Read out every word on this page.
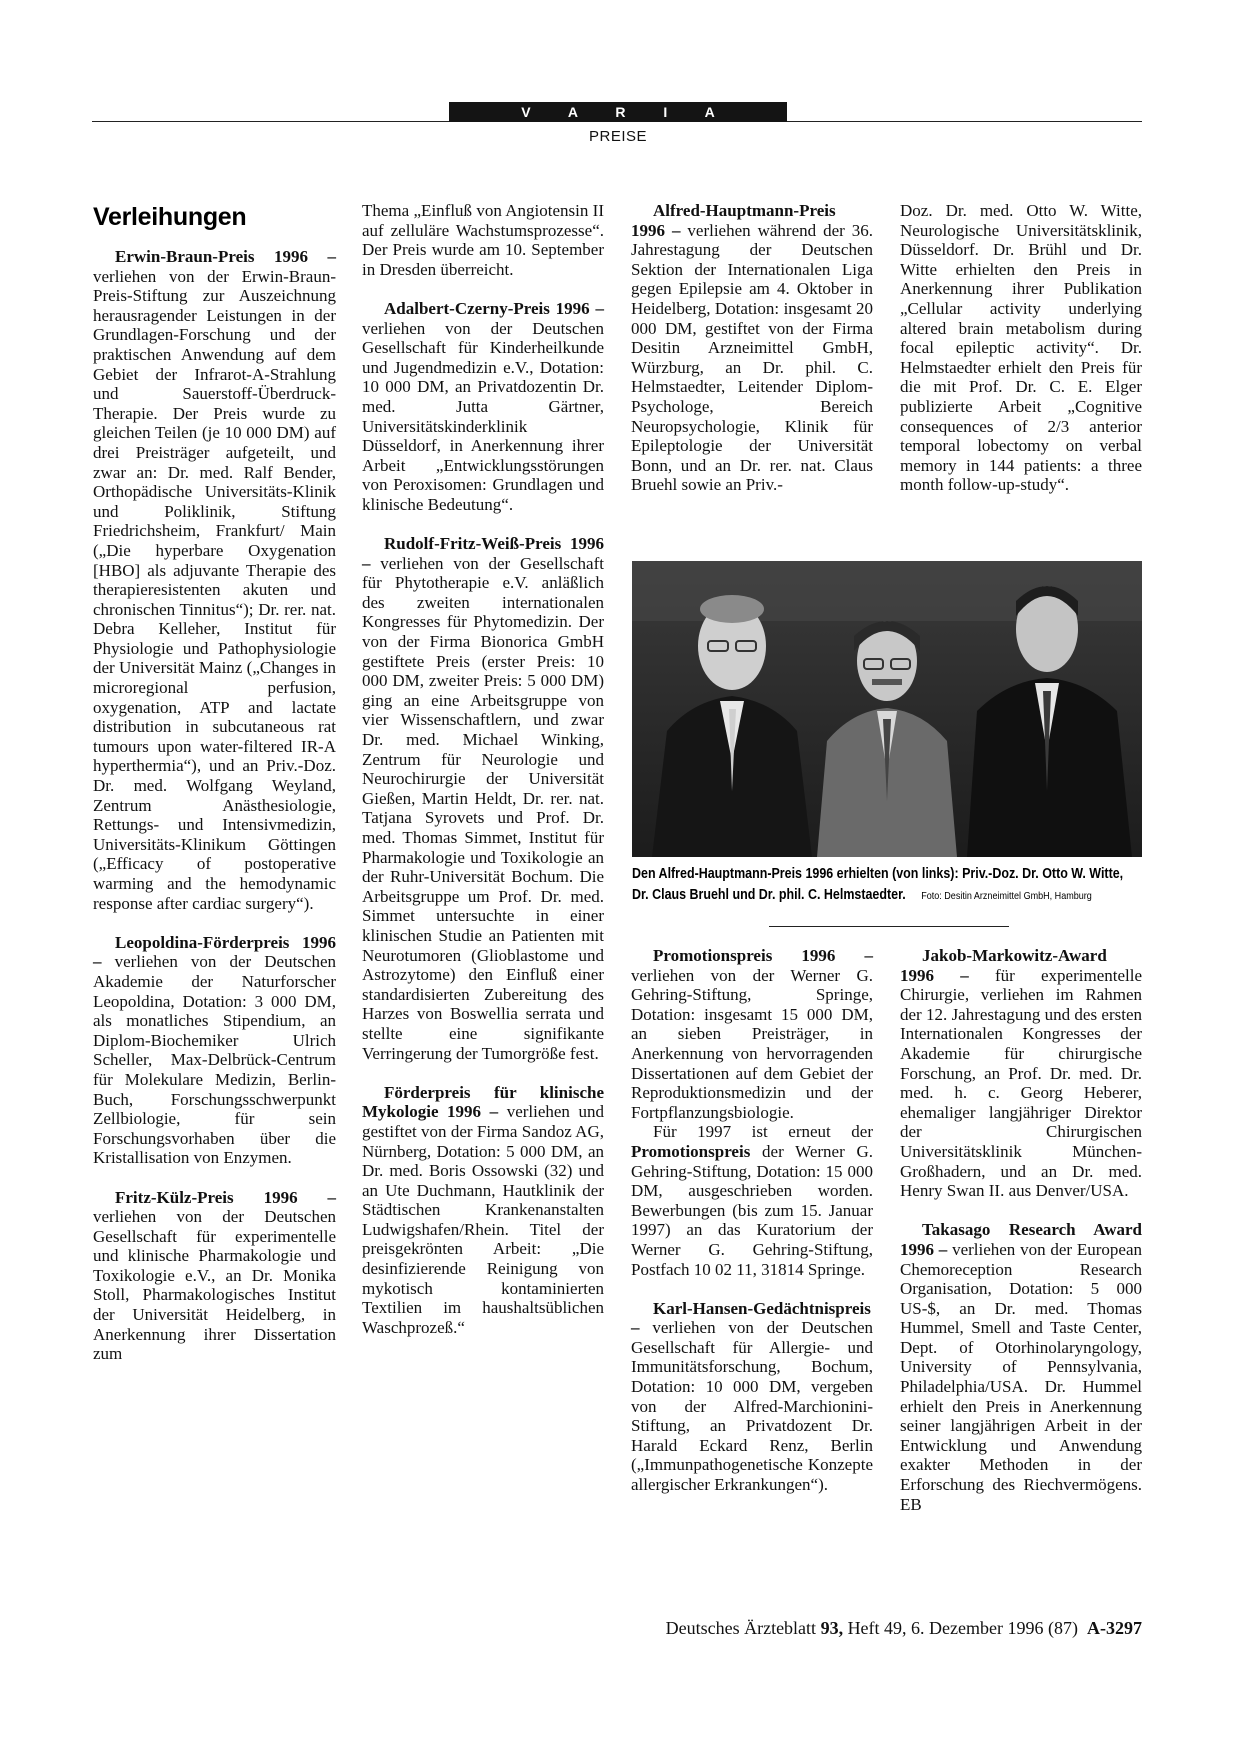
V A R I A
PREISE
Verleihungen

Erwin-Braun-Preis 1996 – verliehen von der Erwin-Braun-Preis-Stiftung zur Auszeichnung herausragender Leistungen in der Grundlagen-Forschung und der praktischen Anwendung auf dem Gebiet der Infrarot-A-Strahlung und Sauerstoff-Überdruck-Therapie. Der Preis wurde zu gleichen Teilen (je 10 000 DM) auf drei Preisträger aufgeteilt, und zwar an: Dr. med. Ralf Bender, Orthopädische Universitäts-Klinik und Poliklinik, Stiftung Friedrichsheim, Frankfurt/ Main („Die hyperbare Oxygenation [HBO] als adjuvante Therapie des therapieresistenten akuten und chronischen Tinnitus“); Dr. rer. nat. Debra Kelleher, Institut für Physiologie und Pathophysiologie der Universität Mainz („Changes in microregional perfusion, oxygenation, ATP and lactate distribution in subcutaneous rat tumours upon water-filtered IR-A hyperthermia“), und an Priv.-Doz. Dr. med. Wolfgang Weyland, Zentrum Anästhesiologie, Rettungs- und Intensivmedizin, Universitäts-Klinikum Göttingen („Efficacy of postoperative warming and the hemodynamic response after cardiac surgery“).

Leopoldina-Förderpreis 1996 – verliehen von der Deutschen Akademie der Naturforscher Leopoldina, Dotation: 3 000 DM, als monatliches Stipendium, an Diplom-Biochemiker Ulrich Scheller, Max-Delbrück-Centrum für Molekulare Medizin, Berlin-Buch, Forschungsschwerpunkt Zellbiologie, für sein Forschungsvorhaben über die Kristallisation von Enzymen.

Fritz-Külz-Preis 1996 – verliehen von der Deutschen Gesellschaft für experimentelle und klinische Pharmakologie und Toxikologie e.V., an Dr. Monika Stoll, Pharmakologisches Institut der Universität Heidelberg, in Anerkennung ihrer Dissertation zum

Thema „Einfluß von Angiotensin II auf zelluläre Wachstumsprozesse“. Der Preis wurde am 10. September in Dresden überreicht.

Adalbert-Czerny-Preis 1996 – verliehen von der Deutschen Gesellschaft für Kinderheilkunde und Jugendmedizin e.V., Dotation: 10 000 DM, an Privatdozentin Dr. med. Jutta Gärtner, Universitätskinderklinik Düsseldorf, in Anerkennung ihrer Arbeit „Entwicklungsstörungen von Peroxisomen: Grundlagen und klinische Bedeutung“.

Rudolf-Fritz-Weiß-Preis 1996 – verliehen von der Gesellschaft für Phytotherapie e.V. anläßlich des zweiten internationalen Kongresses für Phytomedizin. Der von der Firma Bionorica GmbH gestiftete Preis (erster Preis: 10 000 DM, zweiter Preis: 5 000 DM) ging an eine Arbeitsgruppe von vier Wissenschaftlern, und zwar Dr. med. Michael Winking, Zentrum für Neurologie und Neurochirurgie der Universität Gießen, Martin Heldt, Dr. rer. nat. Tatjana Syrovets und Prof. Dr. med. Thomas Simmet, Institut für Pharmakologie und Toxikologie an der Ruhr-Universität Bochum. Die Arbeitsgruppe um Prof. Dr. med. Simmet untersuchte in einer klinischen Studie an Patienten mit Neurotumoren (Glioblastome und Astrozytome) den Einfluß einer standardisierten Zubereitung des Harzes von Boswellia serrata und stellte eine signifikante Verringerung der Tumorgröße fest.

Förderpreis für klinische Mykologie 1996 – verliehen und gestiftet von der Firma Sandoz AG, Nürnberg, Dotation: 5 000 DM, an Dr. med. Boris Ossowski (32) und an Ute Duchmann, Hautklinik der Städtischen Krankenanstalten Ludwigshafen/Rhein. Titel der preisgekrönten Arbeit: „Die desinfizierende Reinigung von mykotisch kontaminierten Textilien im haushaltsüblichen Waschprozeß.“

Alfred-Hauptmann-Preis 1996 – verliehen während der 36. Jahrestagung der Deutschen Sektion der Internationalen Liga gegen Epilepsie am 4. Oktober in Heidelberg, Dotation: insgesamt 20 000 DM, gestiftet von der Firma Desitin Arzneimittel GmbH, Würzburg, an Dr. phil. C. Helmstaedter, Leitender Diplom-Psychologe, Bereich Neuropsychologie, Klinik für Epileptologie der Universität Bonn, und an Dr. rer. nat. Claus Bruehl sowie an Priv.-

Doz. Dr. med. Otto W. Witte, Neurologische Universitätsklinik, Düsseldorf. Dr. Brühl und Dr. Witte erhielten den Preis in Anerkennung ihrer Publikation „Cellular activity underlying altered brain metabolism during focal epileptic activity“. Dr. Helmstaedter erhielt den Preis für die mit Prof. Dr. C. E. Elger publizierte Arbeit „Cognitive consequences of 2/3 anterior temporal lobectomy on verbal memory in 144 patients: a three month follow-up-study“.

Den Alfred-Hauptmann-Preis 1996 erhielten (von links): Priv.-Doz. Dr. Otto W. Witte,
Dr. Claus Bruehl und Dr. phil. C. Helmstaedter. Foto: Desitin Arzneimittel GmbH, Hamburg

Promotionspreis 1996 – verliehen von der Werner G. Gehring-Stiftung, Springe, Dotation: insgesamt 15 000 DM, an sieben Preisträger, in Anerkennung von hervorragenden Dissertationen auf dem Gebiet der Reproduktionsmedizin und der Fortpflanzungsbiologie.

Für 1997 ist erneut der Promotionspreis der Werner G. Gehring-Stiftung, Dotation: 15 000 DM, ausgeschrieben worden. Bewerbungen (bis zum 15. Januar 1997) an das Kuratorium der Werner G. Gehring-Stiftung, Postfach 10 02 11, 31814 Springe.

Karl-Hansen-Gedächtnispreis – verliehen von der Deutschen Gesellschaft für Allergie- und Immunitätsforschung, Bochum, Dotation: 10 000 DM, vergeben von der Alfred-Marchionini-Stiftung, an Privatdozent Dr. Harald Eckard Renz, Berlin („Immunpathogenetische Konzepte allergischer Erkrankungen“).

Jakob-Markowitz-Award 1996 – für experimentelle Chirurgie, verliehen im Rahmen der 12. Jahrestagung und des ersten Internationalen Kongresses der Akademie für chirurgische Forschung, an Prof. Dr. med. Dr. med. h. c. Georg Heberer, ehemaliger langjähriger Direktor der Chirurgischen Universitätsklinik München-Großhadern, und an Dr. med. Henry Swan II. aus Denver/USA.

Takasago Research Award 1996 – verliehen von der European Chemoreception Research Organisation, Dotation: 5 000 US-$, an Dr. med. Thomas Hummel, Smell and Taste Center, Dept. of Otorhinolaryngology, University of Pennsylvania, Philadelphia/USA. Dr. Hummel erhielt den Preis in Anerkennung seiner langjährigen Arbeit in der Entwicklung und Anwendung exakter Methoden in der Erforschung des Riechvermögens. EB

Deutsches Ärzteblatt 93, Heft 49, 6. Dezember 1996 (87) A-3297
